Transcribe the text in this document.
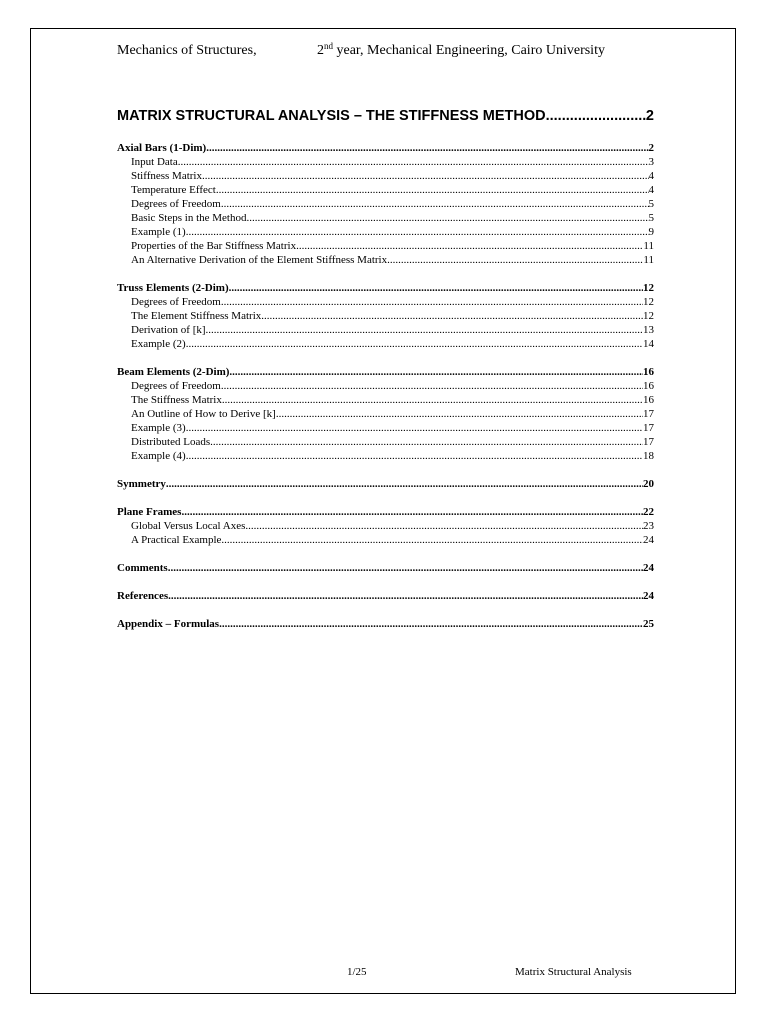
Mechanics of Structures,	2nd year, Mechanical Engineering, Cairo University
MATRIX STRUCTURAL ANALYSIS – THE STIFFNESS METHOD .....	2
Axial Bars (1-Dim) .....	2
Input Data .....	3
Stiffness Matrix .....	4
Temperature Effect .....	4
Degrees of Freedom .....	5
Basic Steps in the Method .....	5
Example (1) .....	9
Properties of the Bar Stiffness Matrix .....	11
An Alternative Derivation of the Element Stiffness Matrix .....	11
Truss Elements (2-Dim) .....	12
Degrees of Freedom .....	12
The Element Stiffness Matrix .....	12
Derivation of [k] .....	13
Example (2) .....	14
Beam Elements (2-Dim) .....	16
Degrees of Freedom .....	16
The Stiffness Matrix .....	16
An Outline of How to Derive [k] .....	17
Example (3) .....	17
Distributed Loads .....	17
Example (4) .....	18
Symmetry .....	20
Plane Frames .....	22
Global Versus Local Axes .....	23
A Practical Example .....	24
Comments .....	24
References .....	24
Appendix – Formulas .....	25
1/25	Matrix Structural Analysis
